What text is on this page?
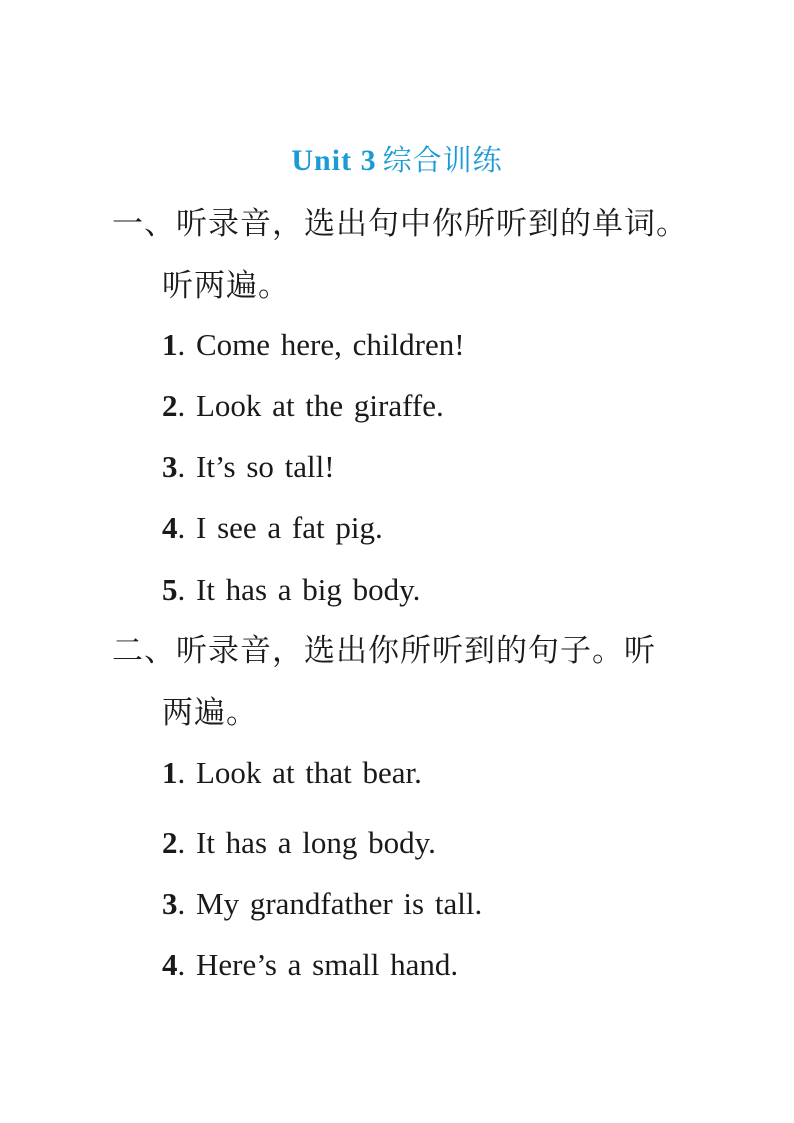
Unit 3 综合训练
一、听录音，选出句中你所听到的单词。
听两遍。
1. Come here, children!
2. Look at the giraffe.
3. It’s so tall!
4. I see a fat pig.
5. It has a big body.
二、听录音，选出你所听到的句子。听
两遍。
1. Look at that bear.
2. It has a long body.
3. My grandfather is tall.
4. Here’s a small hand.
